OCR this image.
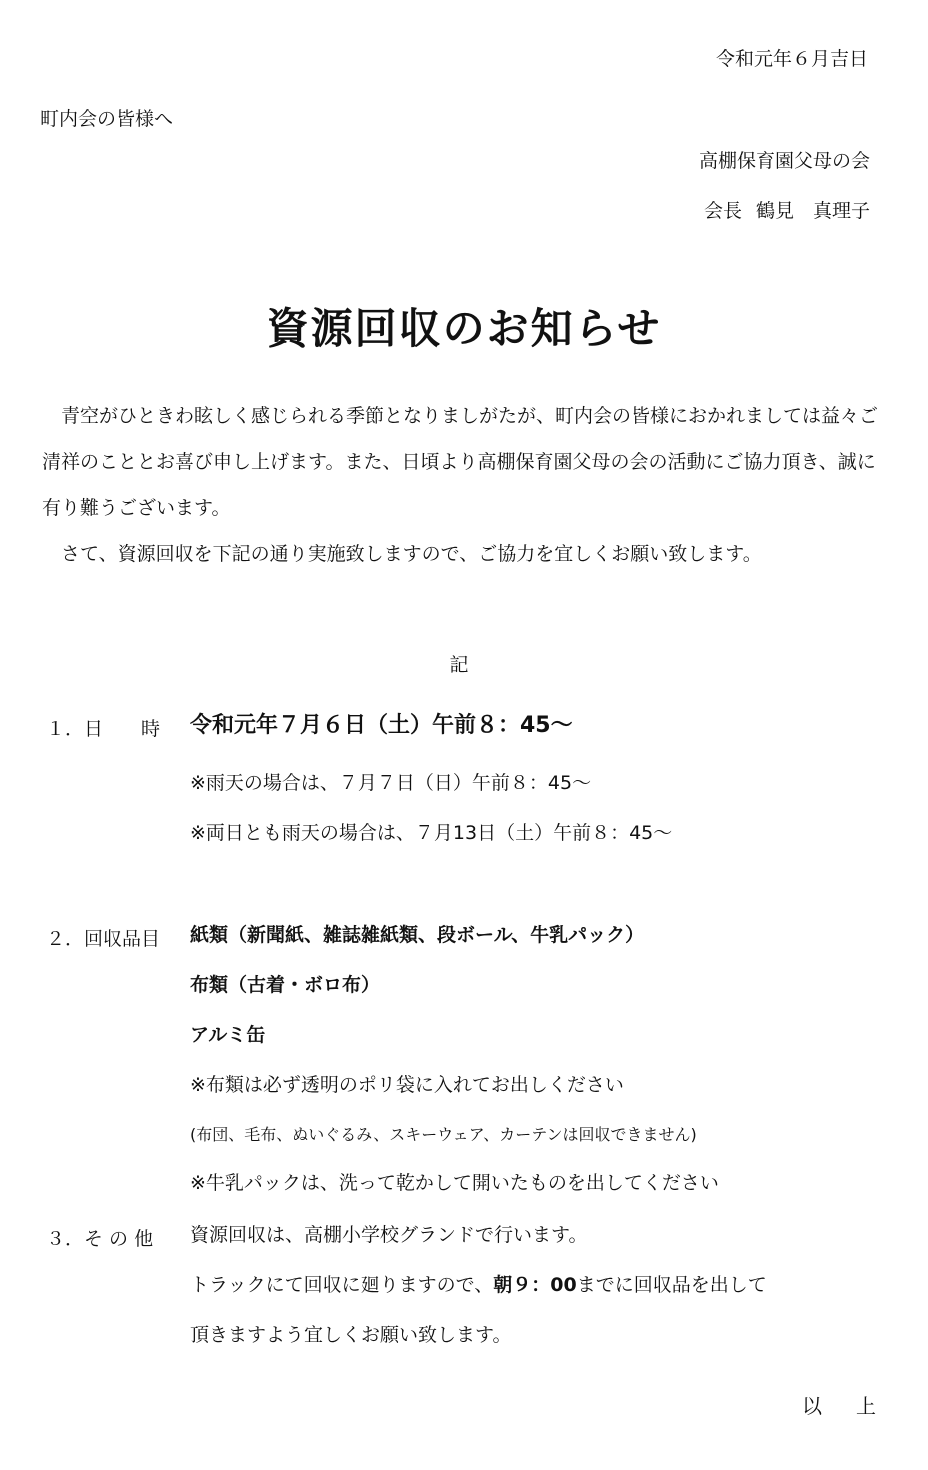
令和元年６月吉日
町内会の皆様へ
高棚保育園父母の会
会長 鶴見　真理子
資源回収のお知らせ

青空がひときわ眩しく感じられる季節となりましがたが、町内会の皆様におかれましては益々ご清祥のこととお喜び申し上げます。また、日頃より高棚保育園父母の会の活動にご協力頂き、誠に有り難うございます。

さて、資源回収を下記の通り実施致しますので、ご協力を宜しくお願い致します。

記
１．日　　時 令和元年７月６日（土）午前８：45～
※雨天の場合は、７月７日（日）午前８：45～
※両日とも雨天の場合は、７月13日（土）午前８：45～
２．回収品目 紙類（新聞紙、雑誌雑紙類、段ボール、牛乳パック）
布類（古着・ボロ布）
アルミ缶
※布類は必ず透明のポリ袋に入れてお出しください
(布団、毛布、ぬいぐるみ、スキーウェア、カーテンは回収できません)
※牛乳パックは、洗って乾かして開いたものを出してください
３．そ の 他 資源回収は、高棚小学校グランドで行います。
トラックにて回収に廻りますので、朝９：00までに回収品を出して
頂きますよう宜しくお願い致します。
以 上
